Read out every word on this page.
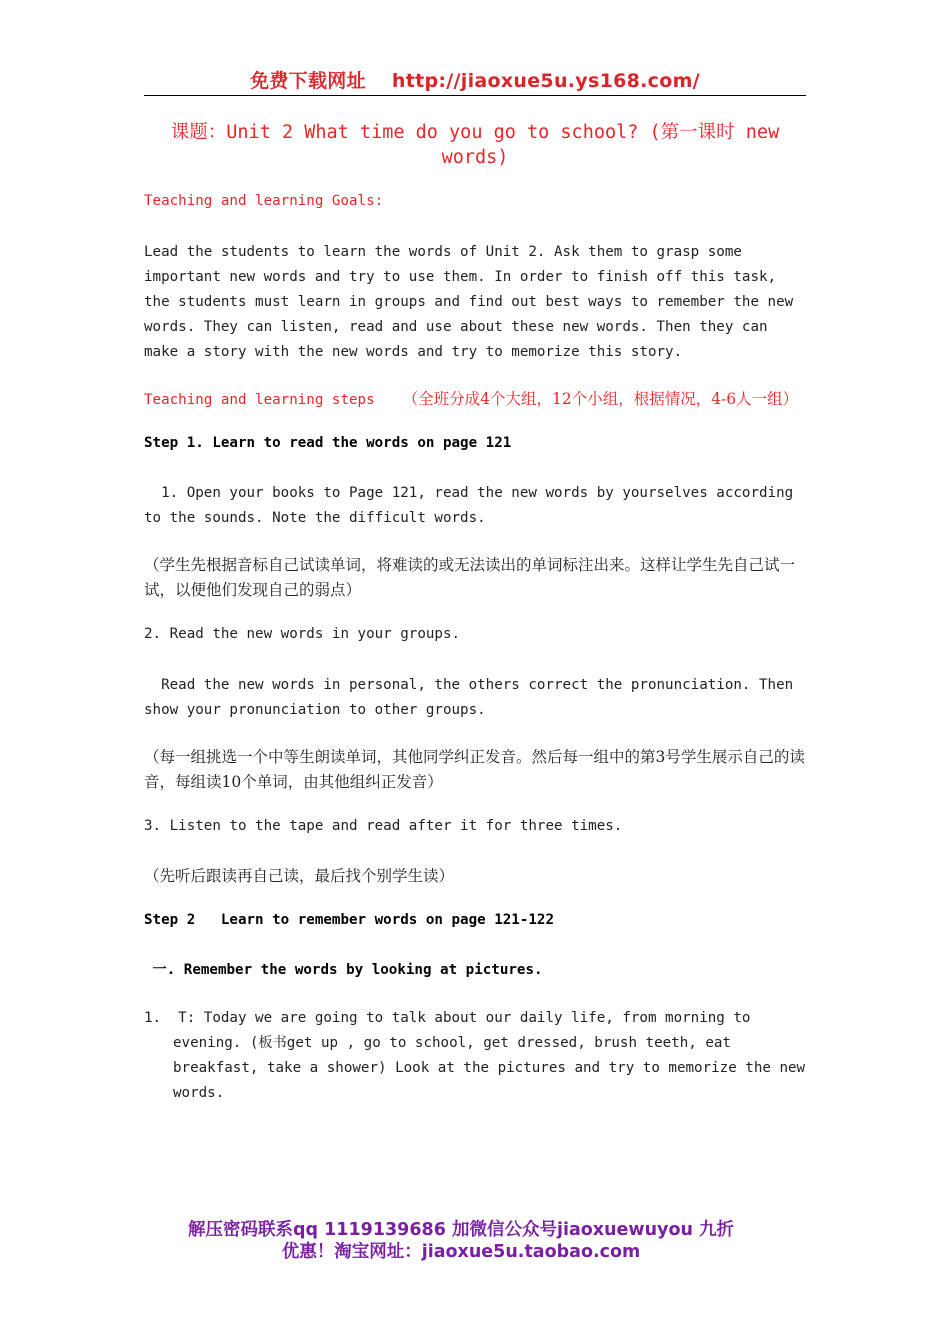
免费下载网址 http://jiaoxue5u.ys168.com/
课题：Unit 2 What time do you go to school? (第一课时 new words)
Teaching and learning Goals:
Lead the students to learn the words of Unit 2. Ask them to grasp some important new words and try to use them. In order to finish off this task, the students must learn in groups and find out best ways to remember the new words. They can listen, read and use about these new words. Then they can make a story with the new words and try to memorize this story.
Teaching and learning steps （全班分成4个大组，12个小组，根据情况，4-6人一组）
Step 1. Learn to read the words on page 121
1. Open your books to Page 121, read the new words by yourselves according to the sounds. Note the difficult words.
（学生先根据音标自己试读单词，将难读的或无法读出的单词标注出来。这样让学生先自己试一试，以便他们发现自己的弱点）
2. Read the new words in your groups.
Read the new words in personal, the others correct the pronunciation. Then show your pronunciation to other groups.
（每一组挑选一个中等生朗读单词，其他同学纠正发音。然后每一组中的第3号学生展示自己的读音，每组读10个单词，由其他组纠正发音）
3. Listen to the tape and read after it for three times.
（先听后跟读再自己读，最后找个别学生读）
Step 2   Learn to remember words on page 121-122
一. Remember the words by looking at pictures.
1.  T: Today we are going to talk about our daily life, from morning to evening. (板书get up , go to school, get dressed, brush teeth, eat breakfast, take a shower) Look at the pictures and try to memorize the new words.
解压密码联系qq 1119139686 加微信公众号jiaoxuewuyou 九折
优惠！淘宝网址：jiaoxue5u.taobao.com
